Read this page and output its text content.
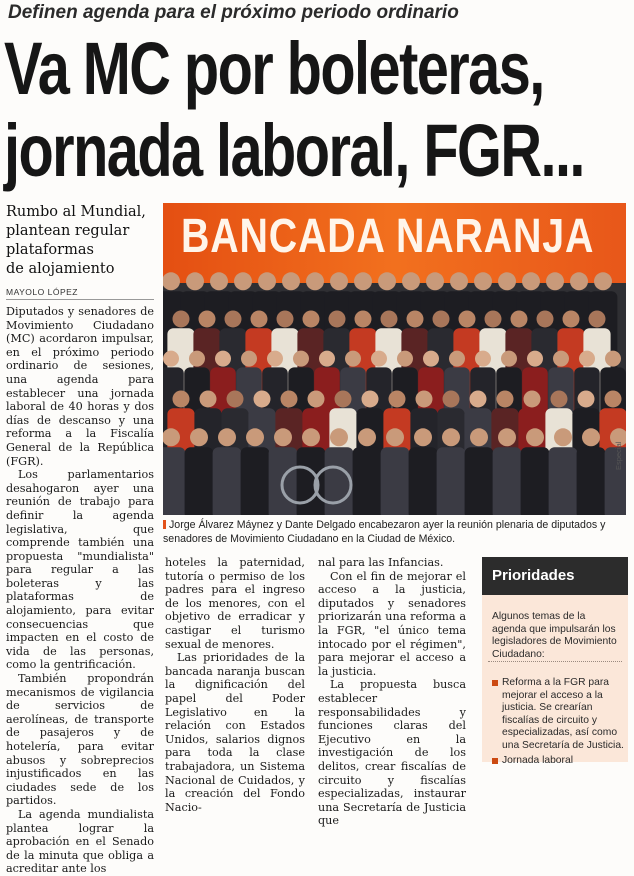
Definen agenda para el próximo periodo ordinario
Va MC por boleteras,
jornada laboral, FGR...
Rumbo al Mundial,
plantean regular
plataformas
de alojamiento
MAYOLO LÓPEZ

Diputados y senadores de Movimiento Ciudadano (MC) acordaron impulsar, en el próximo periodo ordinario de sesiones, una agenda para establecer una jornada laboral de 40 horas y dos días de descanso y una reforma a la Fiscalía General de la República (FGR).

Los parlamentarios desahogaron ayer una reunión de trabajo para definir la agenda legislativa, que comprende también una propuesta "mundialista" para regular a las boleteras y las plataformas de alojamiento, para evitar consecuencias que impacten en el costo de vida de las personas, como la gentrificación.

También propondrán mecanismos de vigilancia de servicios de aerolíneas, de transporte de pasajeros y de hotelería, para evitar abusos y sobreprecios injustificados en las ciudades sede de los partidos.

La agenda mundialista plantea lograr la aprobación en el Senado de la minuta que obliga a acreditar ante los

BANCADA NARANJA
Especial
Jorge Álvarez Máynez y Dante Delgado encabezaron ayer la reunión plenaria de diputados y senadores de Movimiento Ciudadano en la Ciudad de México.

hoteles la paternidad, tutoría o permiso de los padres para el ingreso de los menores, con el objetivo de erradicar y castigar el turismo sexual de menores.

Las prioridades de la bancada naranja buscan la dignificación del papel del Poder Legislativo en la relación con Estados Unidos, salarios dignos para toda la clase trabajadora, un Sistema Nacional de Cuidados, y la creación del Fondo Nacio-

nal para las Infancias.

Con el fin de mejorar el acceso a la justicia, diputados y senadores priorizarán una reforma a la FGR, "el único tema intocado por el régimen", para mejorar el acceso a la justicia.

La propuesta busca establecer responsabilidades y funciones claras del Ejecutivo en la investigación de los delitos, crear fiscalías de circuito y fiscalías especializadas, instaurar una Secretaría de Justicia que

Prioridades
Algunos temas de la agenda que impulsarán los legisladores de Movimiento Ciudadano:
Reforma a la FGR para mejorar el acceso a la justicia. Se crearían fiscalías de circuito y especializadas, así como una Secretaría de Justicia.
Jornada laboral
